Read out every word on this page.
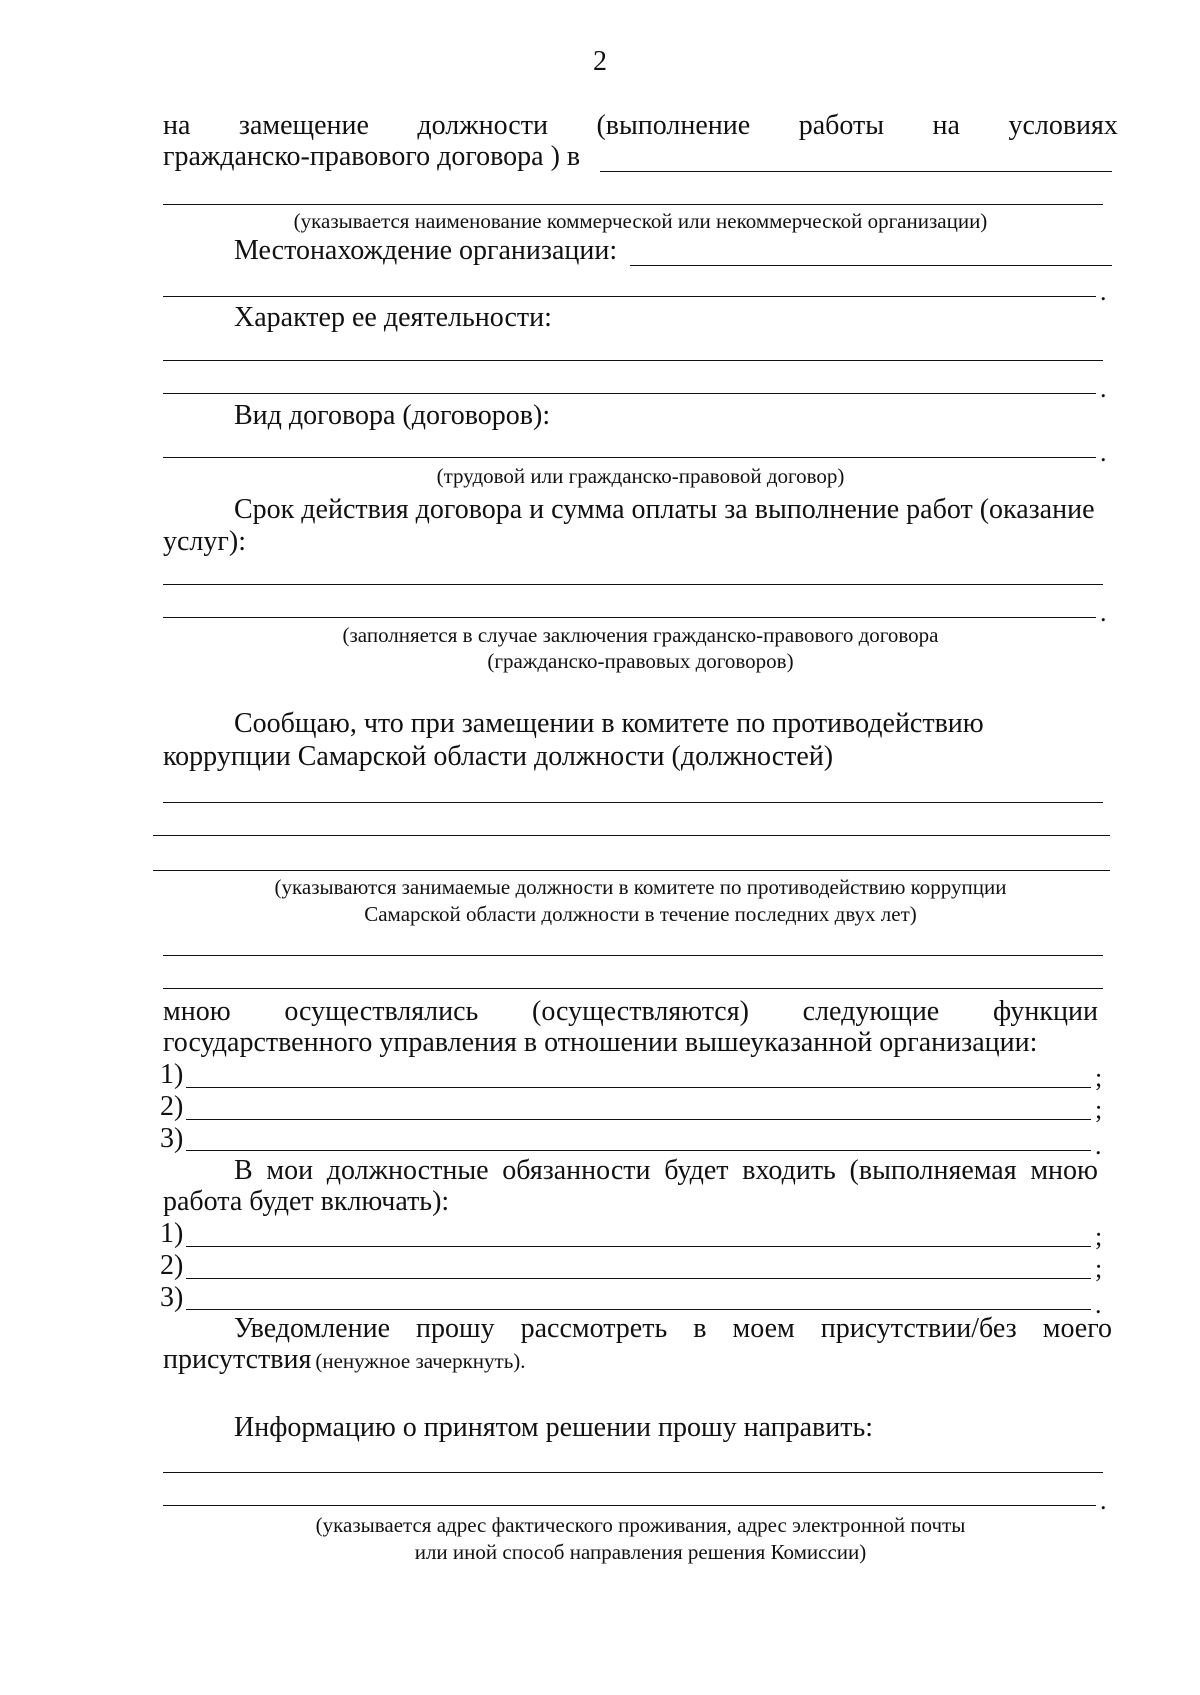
2
на замещение должности (выполнение работы на условиях
гражданско-правового договора ) в
(указывается наименование коммерческой или некоммерческой организации)
Местонахождение организации:
.
Характер ее деятельности:
.
Вид договора (договоров):
.
(трудовой или гражданско-правовой договор)
Срок действия договора и сумма оплаты за выполнение работ (оказание
услуг):
.
(заполняется в случае заключения гражданско-правового договора
(гражданско-правовых договоров)
Сообщаю, что при замещении в комитете по противодействию
коррупции Самарской области должности (должностей)
(указываются занимаемые должности в комитете по противодействию коррупции
Самарской области должности в течение последних двух лет)
мною осуществлялись (осуществляются) следующие функции
государственного управления в отношении вышеуказанной организации:
1)	;
2)	;
3)	.
В мои должностные обязанности будет входить (выполняемая мною
работа будет включать):
1)	;
2)	;
3)	.
Уведомление прошу рассмотреть в моем присутствии/без моего
присутствия (ненужное зачеркнуть).
Информацию о принятом решении прошу направить:
.
(указывается адрес фактического проживания, адрес электронной почты
или иной способ направления решения Комиссии)
